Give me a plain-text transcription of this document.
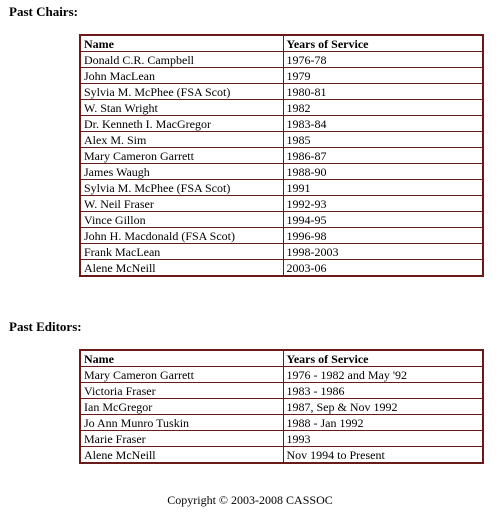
Past Chairs:
Name	Years of Service
Donald C.R. Campbell	1976-78
John MacLean	1979
Sylvia M. McPhee (FSA Scot)	1980-81
W. Stan Wright	1982
Dr. Kenneth I. MacGregor	1983-84
Alex M. Sim	1985
Mary Cameron Garrett	1986-87
James Waugh	1988-90
Sylvia M. McPhee (FSA Scot)	1991
W. Neil Fraser	1992-93
Vince Gillon	1994-95
John H. Macdonald (FSA Scot)	1996-98
Frank MacLean	1998-2003
Alene McNeill	2003-06
Past Editors:
Name	Years of Service
Mary Cameron Garrett	1976 - 1982 and May '92
Victoria Fraser	1983 - 1986
Ian McGregor	1987, Sep & Nov 1992
Jo Ann Munro Tuskin	1988 - Jan 1992
Marie Fraser	1993
Alene McNeill	Nov 1994 to Present

Copyright © 2003-2008 CASSOC
